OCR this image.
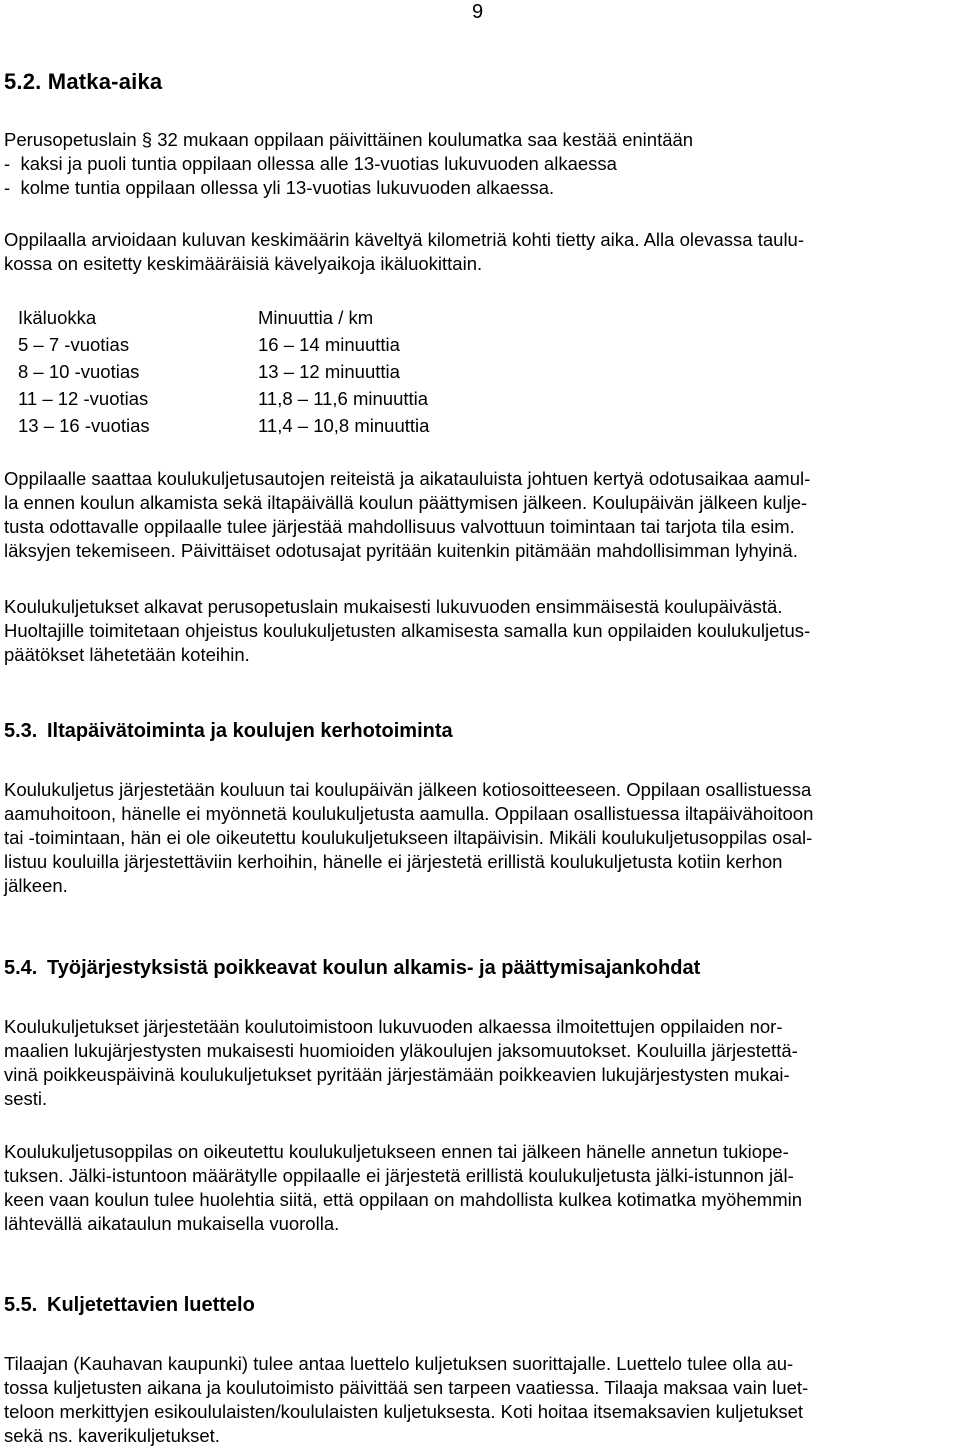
9
5.2. Matka-aika
Perusopetuslain § 32 mukaan oppilaan päivittäinen koulumatka saa kestää enintään
-  kaksi ja puoli tuntia oppilaan ollessa alle 13-vuotias lukuvuoden alkaessa
-  kolme tuntia oppilaan ollessa yli 13-vuotias lukuvuoden alkaessa.
Oppilaalla arvioidaan kuluvan keskimäärin käveltyä kilometriä kohti tietty aika. Alla olevassa taulu-
kossa on esitetty keskimääräisiä kävelyaikoja ikäluokittain.
Ikäluokka	Minuuttia / km
5 – 7 -vuotias	16 – 14 minuuttia
8 – 10 -vuotias	13 – 12 minuuttia
11 – 12 -vuotias	11,8 – 11,6 minuuttia
13 – 16 -vuotias	11,4 – 10,8 minuuttia
Oppilaalle saattaa koulukuljetusautojen reiteistä ja aikatauluista johtuen kertyä odotusaikaa aamul-
la ennen koulun alkamista sekä iltapäivällä koulun päättymisen jälkeen. Koulupäivän jälkeen kulje-
tusta odottavalle oppilaalle tulee järjestää mahdollisuus valvottuun toimintaan tai tarjota tila esim.
läksyjen tekemiseen. Päivittäiset odotusajat pyritään kuitenkin pitämään mahdollisimman lyhyinä.
Koulukuljetukset alkavat perusopetuslain mukaisesti lukuvuoden ensimmäisestä koulupäivästä.
Huoltajille toimitetaan ohjeistus koulukuljetusten alkamisesta samalla kun oppilaiden koulukuljetus-
päätökset lähetetään koteihin.
5.3. Iltapäivätoiminta ja koulujen kerhotoiminta
Koulukuljetus järjestetään kouluun tai koulupäivän jälkeen kotiosoitteeseen. Oppilaan osallistuessa
aamuhoitoon, hänelle ei myönnetä koulukuljetusta aamulla. Oppilaan osallistuessa iltapäivähoitoon
tai -toimintaan, hän ei ole oikeutettu koulukuljetukseen iltapäivisin. Mikäli koulukuljetusoppilas osal-
listuu kouluilla järjestettäviin kerhoihin, hänelle ei järjestetä erillistä koulukuljetusta kotiin kerhon
jälkeen.
5.4. Työjärjestyksistä poikkeavat koulun alkamis- ja päättymisajankohdat
Koulukuljetukset järjestetään koulutoimistoon lukuvuoden alkaessa ilmoitettujen oppilaiden nor-
maalien lukujärjestysten mukaisesti huomioiden yläkoulujen jaksomuutokset. Kouluilla järjestettä-
vinä poikkeuspäivinä koulukuljetukset pyritään järjestämään poikkeavien lukujärjestysten mukai-
sesti.
Koulukuljetusoppilas on oikeutettu koulukuljetukseen ennen tai jälkeen hänelle annetun tukiope-
tuksen. Jälki-istuntoon määrätylle oppilaalle ei järjestetä erillistä koulukuljetusta jälki-istunnon jäl-
keen vaan koulun tulee huolehtia siitä, että oppilaan on mahdollista kulkea kotimatka myöhemmin
lähtevällä aikataulun mukaisella vuorolla.
5.5. Kuljetettavien luettelo
Tilaajan (Kauhavan kaupunki) tulee antaa luettelo kuljetuksen suorittajalle. Luettelo tulee olla au-
tossa kuljetusten aikana ja koulutoimisto päivittää sen tarpeen vaatiessa. Tilaaja maksaa vain luet-
teloon merkittyjen esikoululaisten/koululaisten kuljetuksesta. Koti hoitaa itsemaksavien kuljetukset
sekä ns. kaverikuljetukset.
